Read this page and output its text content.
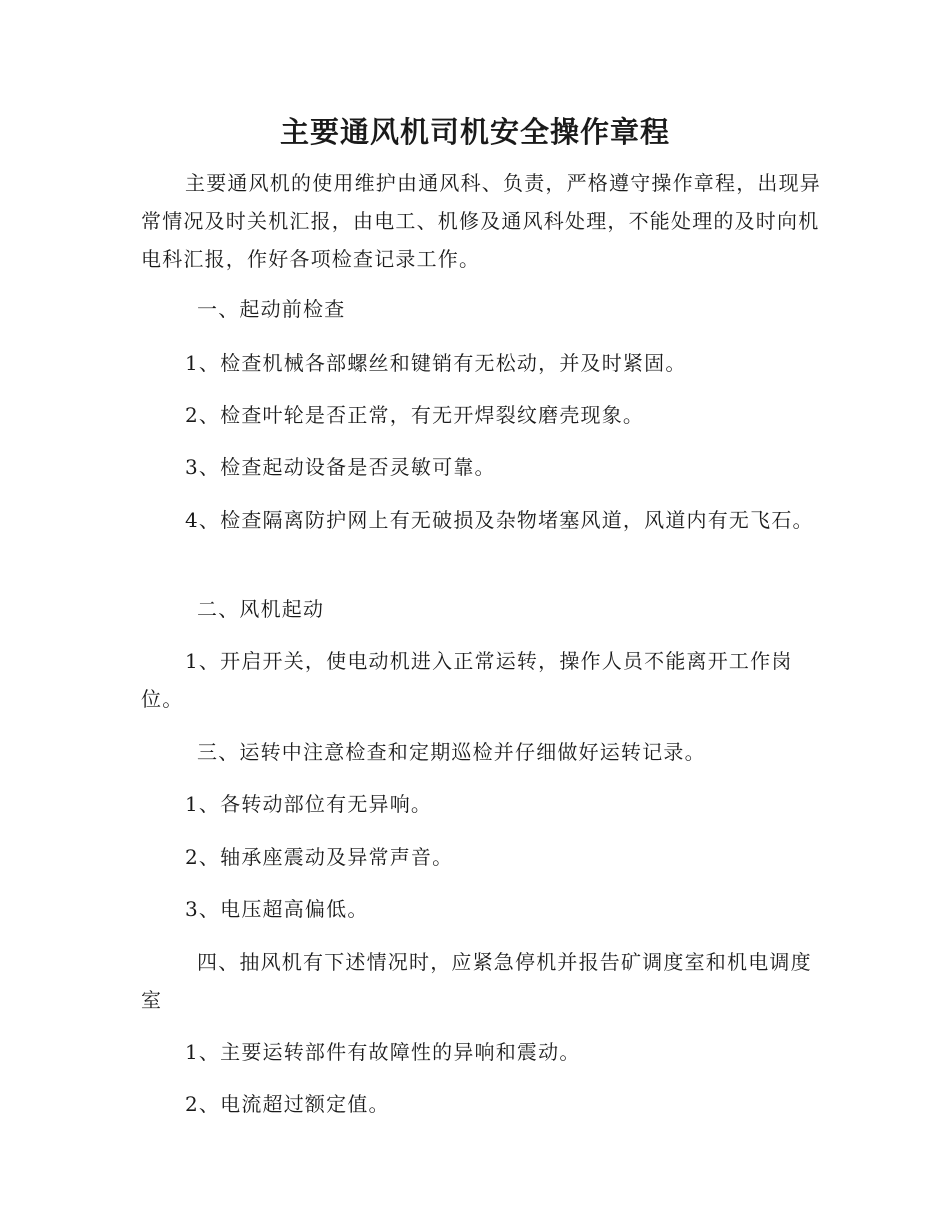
主要通风机司机安全操作章程

主要通风机的使用维护由通风科、负责，严格遵守操作章程，出现异常情况及时关机汇报，由电工、机修及通风科处理，不能处理的及时向机电科汇报，作好各项检查记录工作。

一、起动前检查

1、检查机械各部螺丝和键销有无松动，并及时紧固。

2、检查叶轮是否正常，有无开焊裂纹磨壳现象。

3、检查起动设备是否灵敏可靠。

4、检查隔离防护网上有无破损及杂物堵塞风道，风道内有无飞石。

二、风机起动

1、开启开关，使电动机进入正常运转，操作人员不能离开工作岗位。

三、运转中注意检查和定期巡检并仔细做好运转记录。

1、各转动部位有无异响。

2、轴承座震动及异常声音。

3、电压超高偏低。

四、抽风机有下述情况时，应紧急停机并报告矿调度室和机电调度室

1、主要运转部件有故障性的异响和震动。

2、电流超过额定值。
